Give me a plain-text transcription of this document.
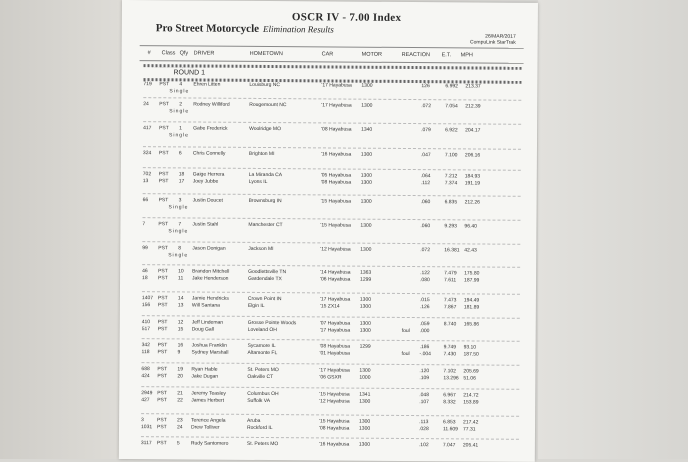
OSCR IV - 7.00 Index
Pro Street Motorcycle Elimination Results
26/MAR/2017
CompuLink StarTrak
# Class Qfy DRIVER	HOMETOWN	CAR	MOTOR	REACTION E.T. MPH
ROUND 1
719 PST 4 Ehren Litten	Louisburg NC	'17 Hayabusa 1300	126	6.992 213.37
Single
24 PST 2 Rodney Williford	Rougemount NC	'17 Hayabusa 1300	.072	7.054 212.39
Single
417 PST 1 Gabe Frederick	Woolridge MO	'08 Hayabusa 1340	.079	6.922 204.17
Single
324 PST 6 Chris Connelly	Brighton MI	'16 Hayabusa 1300	.047	7.100 206.16
702 PST 18 Gaige Herrera	La Miranda CA	'05 Hayabusa 1300	.064	7.212 184.93
13 PST 17 Joey Jubbe	Lyons IL	'08 Hayabusa 1300	.112	7.374 191.19
66 PST 3 Justin Doucet	Brownsburg IN	'15 Hayabusa 1300	.060	6.835 212.26
Single
7	PST 7 Justin Stahl	Manchester CT	'15 Hayabusa 1300	.060	9.293 96.40
Single
99 PST 8 Jason Donigan	Jackson MI	'12 Hayabusa 1300	.072	16.381 42.43
Single
46 PST 10 Brandon Mitchell	Goodlettsville TN	'14 Hayabusa 1363	.122	7.479 175.80
18 PST 11 Jake Henderson	Gardendale TX	'06 Hayabusa 1299	.080	7.611 187.99
1407 PST 14 Jamie Hendricks	Crown Point IN	'17 Hayabusa 1300	.015	7.473 194.49
156 PST 13 Will Santana	Elgin IL	'15 ZX14	1300	.126	7.867 181.89
410 PST 12 Jeff Lindeman	Grosse Pointe Woods	'07 Hayabusa 1300	.059	8.740 165.86
517 PST 15 Doug Gall	Loveland OH	'17 Hayabusa 1300	foul .000
342 PST 16 Joshua Franklin	Sycamore IL	'08 Hayabusa 1299	.186	9.749 93.10
118 PST 9 Sydney Marshall	Altamonte FL	'01 Hayabusa	foul -.004	7.430 187.50
688 PST 19 Ryan Hable	St. Peters MO	'17 Hayabusa 1300	.120	7.102 205.69
424 PST 20 Jake Dugan	Oakville CT	'06 GSXR	1000	.109	13.296 51.06
2949 PST 21 Jeremy Teasley	Columbus OH	'15 Hayabusa 1341	.048	6.967 214.72
427 PST 22 James Herbert	Suffolk VA	'12 Hayabusa 1300	.107	8.332 153.89
3	PST 23 Terence Angela	Aruba	'15 Hayabusa 1300	.113	6.853 217.42
1031 PST 24 Drew Tolliver	Rockford IL	'08 Hayabusa 1300	.028	11.609 77.31
3117 PST 5 Rudy Santomero	St. Peters MO	'16 Hayabusa 1300	.102	7.047 205.41
